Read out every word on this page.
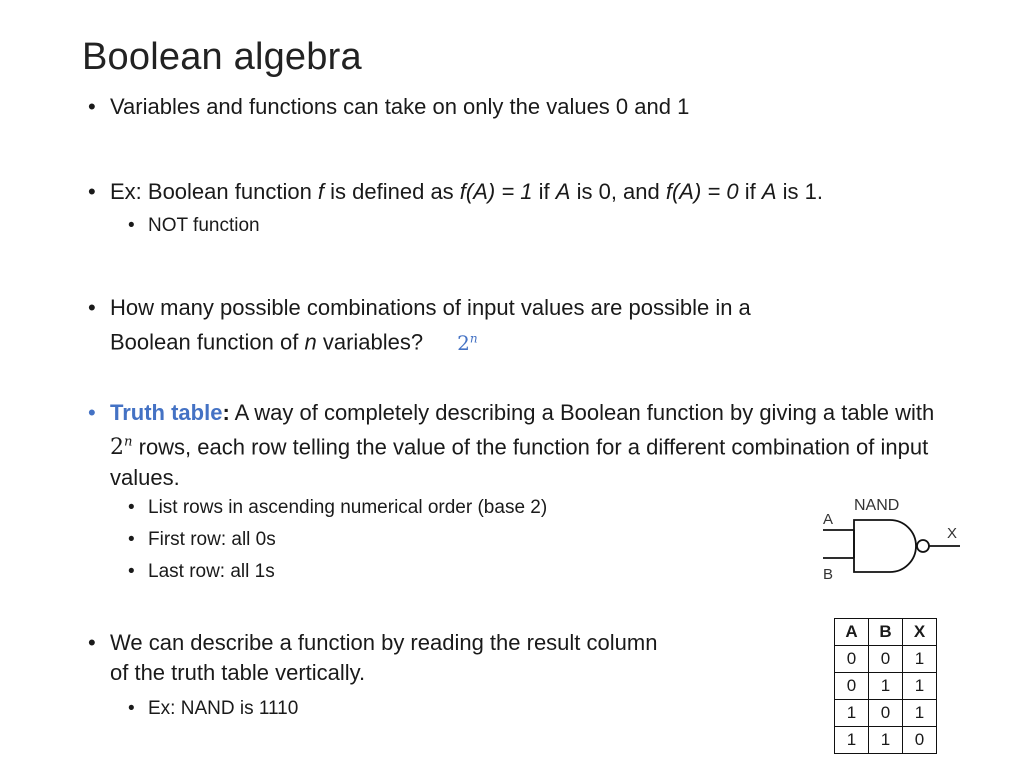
Boolean algebra
• Variables and functions can take on only the values 0 and 1
• Ex: Boolean function f is defined as f(A) = 1 if A is 0, and f(A) = 0 if A is 1.
• NOT function
• How many possible combinations of input values are possible in a
Boolean function of n variables? 2$^n$
• Truth table: A way of completely describing a Boolean function by giving a table with 2$^n$ rows, each row telling the value of the function for a different combination of input values.
• List rows in ascending numerical order (base 2)
• First row: all 0s
• Last row: all 1s
• We can describe a function by reading the result column
of the truth table vertically.
• Ex: NAND is 1110
NAND
A
B
X
A	B	X
0	0	1
0	1	1
1	0	1
1	1	0
